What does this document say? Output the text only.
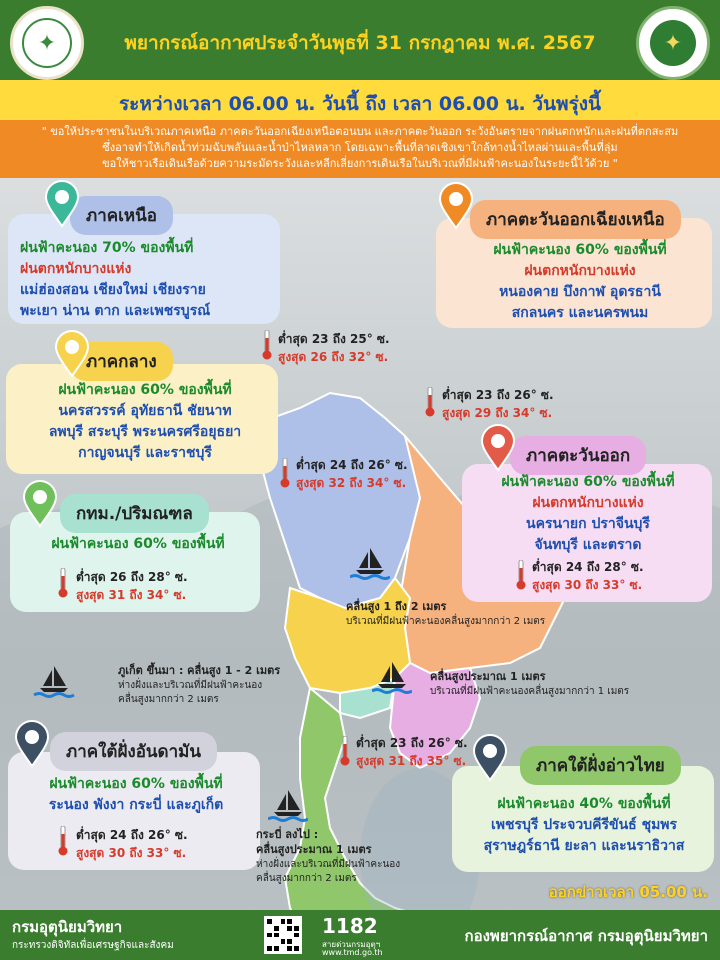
✦	พยากรณ์อากาศประจำวันพุธที่ 31 กรกฎาคม พ.ศ. 2567	✦
ระหว่างเวลา 06.00 น. วันนี้ ถึง เวลา 06.00 น. วันพรุ่งนี้
" ขอให้ประชาชนในบริเวณภาคเหนือ ภาคตะวันออกเฉียงเหนือตอนบน และภาคตะวันออก ระวังอันตรายจากฝนตกหนักและฝนที่ตกสะสม
ซึ่งอาจทำให้เกิดน้ำท่วมฉับพลันและน้ำป่าไหลหลาก โดยเฉพาะพื้นที่ลาดเชิงเขาใกล้ทางน้ำไหลผ่านและพื้นที่ลุ่ม
ขอให้ชาวเรือเดินเรือด้วยความระมัดระวังและหลีกเลี่ยงการเดินเรือในบริเวณที่มีฝนฟ้าคะนองในระยะนี้ไว้ด้วย "
ภาคเหนือ
ฝนฟ้าคะนอง 70% ของพื้นที่
ฝนตกหนักบางแห่ง
แม่ฮ่องสอน เชียงใหม่ เชียงราย
พะเยา น่าน ตาก และเพชรบูรณ์
ภาคตะวันออกเฉียงเหนือ
ฝนฟ้าคะนอง 60% ของพื้นที่
ฝนตกหนักบางแห่ง
หนองคาย บึงกาฬ อุดรธานี
สกลนคร และนครพนม
ภาคกลาง
ฝนฟ้าคะนอง 60% ของพื้นที่
นครสวรรค์ อุทัยธานี ชัยนาท
ลพบุรี สระบุรี พระนครศรีอยุธยา
กาญจนบุรี และราชบุรี	ภาคตะวันออก
ฝนฟ้าคะนอง 60% ของพื้นที่
ฝนตกหนักบางแห่ง
นครนายก ปราจีนบุรี
จันทบุรี และตราด
กทม./ปริมณฑล
ฝนฟ้าคะนอง 60% ของพื้นที่
ภาคใต้ฝั่งอันดามัน
ฝนฟ้าคะนอง 60% ของพื้นที่
ระนอง พังงา กระบี่ และภูเก็ต
ภาคใต้ฝั่งอ่าวไทย
ฝนฟ้าคะนอง 40% ของพื้นที่
เพชรบุรี ประจวบคีรีขันธ์ ชุมพร
สุราษฎร์ธานี ยะลา และนราธิวาส
ต่ำสุด 23 ถึง 25° ซ.
สูงสุด 26 ถึง 32° ซ.
ต่ำสุด 23 ถึง 26° ซ.
สูงสุด 29 ถึง 34° ซ.
ต่ำสุด 24 ถึง 26° ซ.
สูงสุด 32 ถึง 34° ซ.
ต่ำสุด 24 ถึง 28° ซ.
สูงสุด 30 ถึง 33° ซ.
ต่ำสุด 26 ถึง 28° ซ.
สูงสุด 31 ถึง 34° ซ.
ต่ำสุด 24 ถึง 26° ซ.
สูงสุด 30 ถึง 33° ซ.
ต่ำสุด 23 ถึง 26° ซ.
สูงสุด 31 ถึง 35° ซ.
คลื่นสูง 1 ถึง 2 เมตร
บริเวณที่มีฝนฟ้าคะนองคลื่นสูงมากกว่า 2 เมตร
คลื่นสูงประมาณ 1 เมตร
บริเวณที่มีฝนฟ้าคะนองคลื่นสูงมากกว่า 1 เมตร
ภูเก็ต ขึ้นมา : คลื่นสูง 1 - 2 เมตร
ห่างฝั่งและบริเวณที่มีฝนฟ้าคะนอง
คลื่นสูงมากกว่า 2 เมตร
กระบี่ ลงไป :
คลื่นสูงประมาณ 1 เมตร
ห่างฝั่งและบริเวณที่มีฝนฟ้าคะนอง
คลื่นสูงมากกว่า 2 เมตร
ออกข่าวเวลา 05.00 น.
กรมอุตุนิยมวิทยา
กระทรวงดิจิทัลเพื่อเศรษฐกิจและสังคม
1182
สายด่วนกรมอุตุฯ
www.tmd.go.th
กองพยากรณ์อากาศ กรมอุตุนิยมวิทยา
